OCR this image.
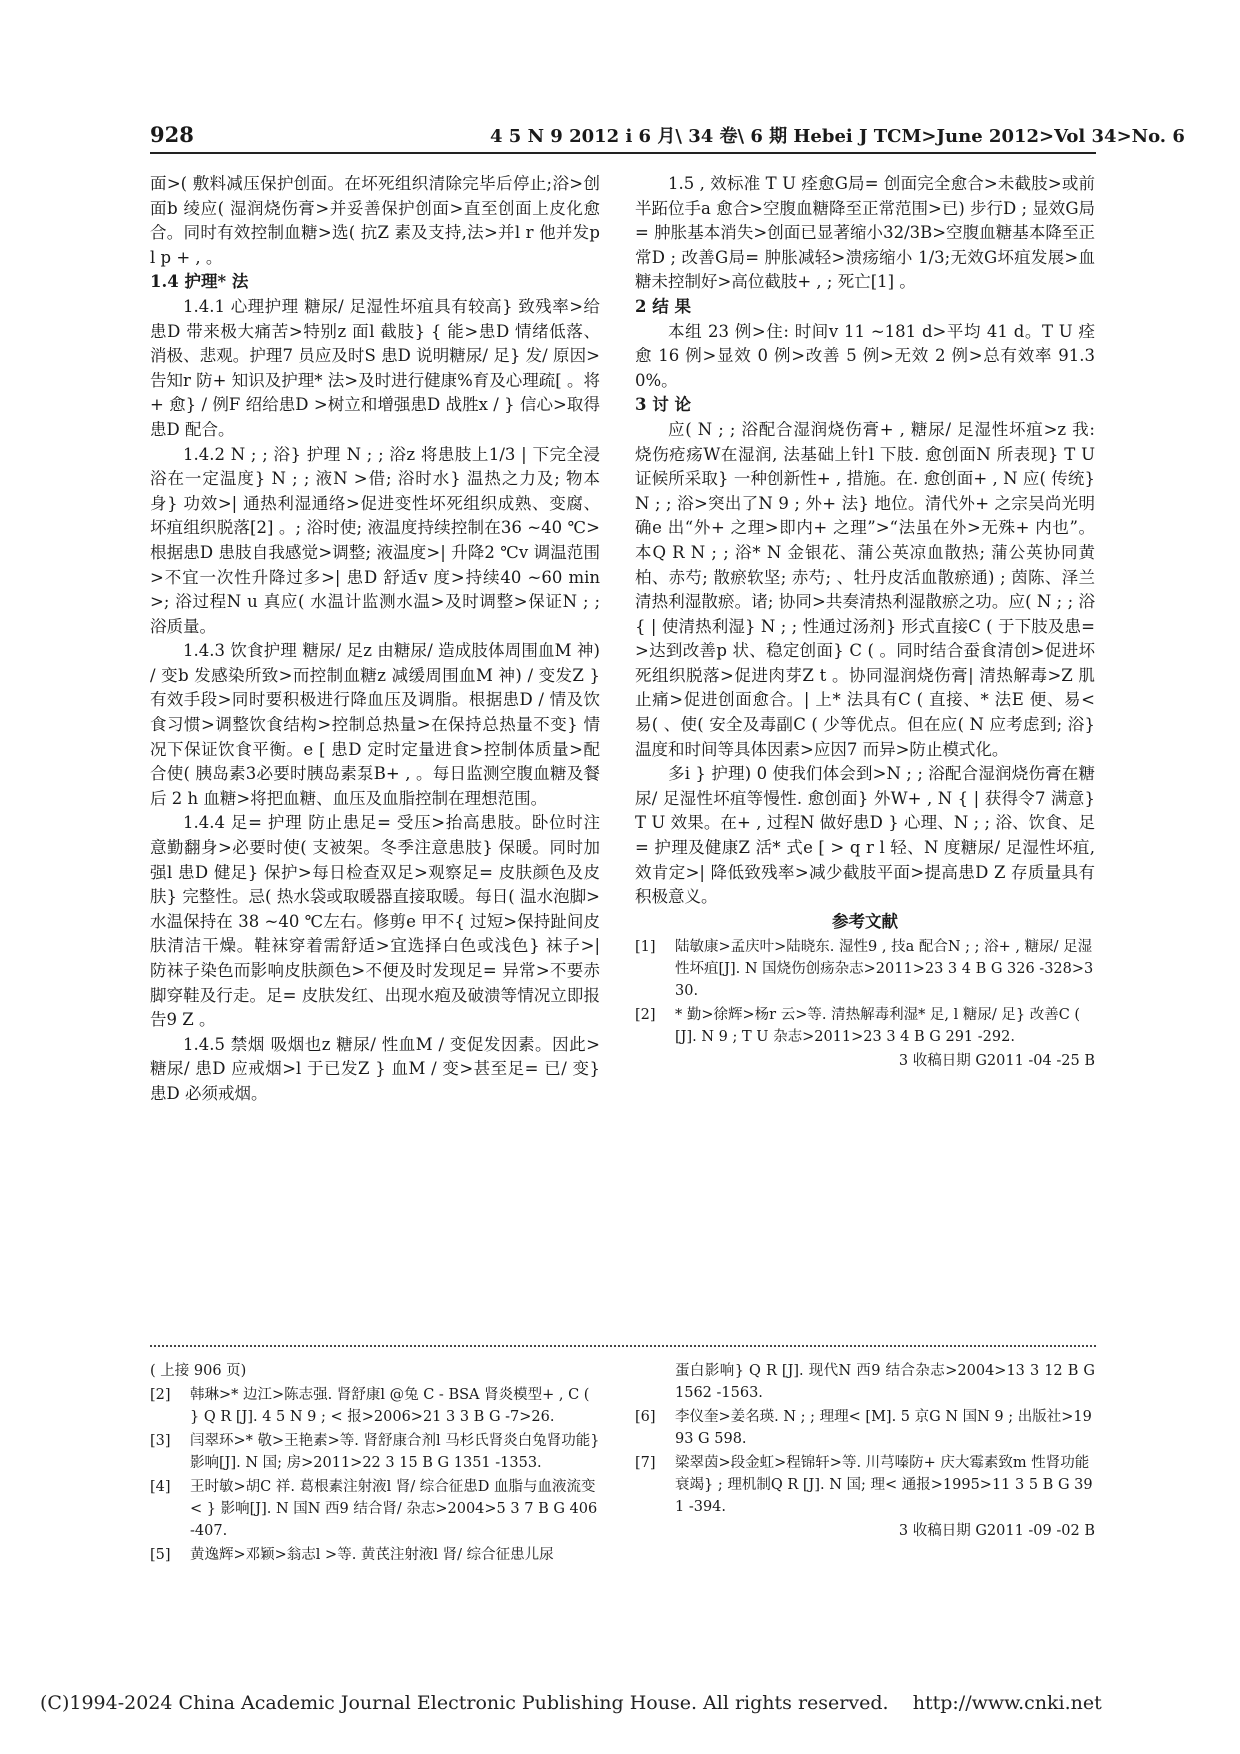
928	4 5 N 9 2012 i 6 月\ 34 卷\ 6 期 Hebei J TCM>June 2012>Vol 34>No. 6

面>( 敷料减压保护创面。在坏死组织清除完毕后停止;浴>创面b 绫应( 湿润烧伤膏>并妥善保护创面>直至创面上皮化愈合。同时有效控制血糖>选( 抗Z 素及支持,法>并l r 他并发p l p + , 。

1.4 护理* 法

1.4.1 心理护理 糖尿/ 足湿性坏疽具有较高} 致残率>给患D 带来极大痛苦>特别z 面l 截肢} { 能>患D 情绪低落、消极、悲观。护理7 员应及时S 患D 说明糖尿/ 足} 发/ 原因>告知r 防+ 知识及护理* 法>及时进行健康%育及心理疏[ 。将+ 愈} / 例F 绍给患D >树立和增强患D 战胜x / } 信心>取得患D 配合。

1.4.2 N ; ; 浴} 护理 N ; ; 浴z 将患肢上1/3 | 下完全浸浴在一定温度} N ; ; 液N >借; 浴时水} 温热之力及; 物本身} 功效>| 通热利湿通络>促进变性坏死组织成熟、变腐、坏疽组织脱落[2] 。; 浴时使; 液温度持续控制在36 ~40 ℃>根据患D 患肢自我感觉>调整; 液温度>| 升降2 ℃v 调温范围>不宜一次性升降过多>| 患D 舒适v 度>持续40 ~60 min>; 浴过程N u 真应( 水温计监测水温>及时调整>保证N ; ; 浴质量。

1.4.3 饮食护理 糖尿/ 足z 由糖尿/ 造成肢体周围血M 神) / 变b 发感染所致>而控制血糖z 减缓周围血M 神) / 变发Z } 有效手段>同时要积极进行降血压及调脂。根据患D / 情及饮食习惯>调整饮食结构>控制总热量>在保持总热量不变} 情况下保证饮食平衡。e [ 患D 定时定量进食>控制体质量>配合使( 胰岛素3必要时胰岛素泵B+ , 。每日监测空腹血糖及餐后 2 h 血糖>将把血糖、血压及血脂控制在理想范围。

1.4.4 足= 护理 防止患足= 受压>抬高患肢。卧位时注意勤翻身>必要时使( 支被架。冬季注意患肢} 保暖。同时加强l 患D 健足} 保护>每日检查双足>观察足= 皮肤颜色及皮肤} 完整性。忌( 热水袋或取暖器直接取暖。每日( 温水泡脚>水温保持在 38 ~40 ℃左右。修剪e 甲不{ 过短>保持趾间皮肤清洁干燥。鞋袜穿着需舒适>宜选择白色或浅色} 袜子>| 防袜子染色而影响皮肤颜色>不便及时发现足= 异常>不要赤脚穿鞋及行走。足= 皮肤发红、出现水疱及破溃等情况立即报告9 Z 。

1.4.5 禁烟 吸烟也z 糖尿/ 性血M / 变促发因素。因此>糖尿/ 患D 应戒烟>l 于已发Z } 血M / 变>甚至足= 已/ 变} 患D 必须戒烟。

1.5 , 效标准 T U 痊愈G局= 创面完全愈合>未截肢>或前半跖位手a 愈合>空腹血糖降至正常范围>已) 步行D ; 显效G局= 肿胀基本消失>创面已显著缩小32/3B>空腹血糖基本降至正常D ; 改善G局= 肿胀减轻>溃疡缩小 1/3;无效G坏疽发展>血糖未控制好>高位截肢+ , ; 死亡[1] 。

2 结 果

本组 23 例>住: 时间v 11 ~181 d>平均 41 d。T U 痊愈 16 例>显效 0 例>改善 5 例>无效 2 例>总有效率 91.30%。

3 讨 论

应( N ; ; 浴配合湿润烧伤膏+ , 糖尿/ 足湿性坏疽>z 我: 烧伤疮疡W在湿润, 法基础上针l 下肢. 愈创面N 所表现} T U 证候所采取} 一种创新性+ , 措施。在. 愈创面+ , N 应( 传统} N ; ; 浴>突出了N 9 ; 外+ 法} 地位。清代外+ 之宗吴尚光明确e 出“外+ 之理>即内+ 之理”>“法虽在外>无殊+ 内也”。本Q R N ; ; 浴* N 金银花、蒲公英凉血散热; 蒲公英协同黄柏、赤芍; 散瘀软坚; 赤芍; 、牡丹皮活血散瘀通) ; 茵陈、泽兰清热利湿散瘀。诸; 协同>共奏清热利湿散瘀之功。应( N ; ; 浴{ | 使清热利湿} N ; ; 性通过汤剂} 形式直接C ( 于下肢及患= >达到改善p 状、稳定创面} C ( 。同时结合蚕食清创>促进坏死组织脱落>促进肉芽Z t 。协同湿润烧伤膏| 清热解毒>Z 肌止痛>促进创面愈合。| 上* 法具有C ( 直接、* 法E 便、易< 易( 、使( 安全及毒副C ( 少等优点。但在应( N 应考虑到; 浴} 温度和时间等具体因素>应因7 而异>防止模式化。

多i } 护理) 0 使我们体会到>N ; ; 浴配合湿润烧伤膏在糖尿/ 足湿性坏疽等慢性. 愈创面} 外W+ , N { | 获得令7 满意} T U 效果。在+ , 过程N 做好患D } 心理、N ; ; 浴、饮食、足= 护理及健康Z 活* 式e [ > q r l 轻、N 度糖尿/ 足湿性坏疽, 效肯定>| 降低致残率>减少截肢平面>提高患D Z 存质量具有积极意义。

参考文献

[1]	陆敏康>孟庆叶>陆晓东. 湿性9 , 技a 配合N ; ; 浴+ , 糖尿/ 足湿性坏疽[J]. N 国烧伤创疡杂志>2011>23 3 4 B G 326 -328>330.
[2]	* 勤>徐辉>杨r 云>等. 清热解毒利湿* 足, l 糖尿/ 足} 改善C ( [J]. N 9 ; T U 杂志>2011>23 3 4 B G 291 -292.
3 收稿日期 G2011 -04 -25 B

( 上接 906 页)

[2]	韩琳>* 边江>陈志强. 肾舒康l @兔 C - BSA 肾炎模型+ , C ( } Q R [J]. 4 5 N 9 ; < 报>2006>21 3 3 B G -7>26.
[3]	闫翠环>* 敬>王艳素>等. 肾舒康合剂l 马杉氏肾炎白兔肾功能} 影响[J]. N 国; 房>2011>22 3 15 B G 1351 -1353.
[4]	王时敏>胡C 祥. 葛根素注射液l 肾/ 综合征患D 血脂与血液流变< } 影响[J]. N 国N 西9 结合肾/ 杂志>2004>5 3 7 B G 406 -407.
[5]	黄逸辉>邓颖>翁志l >等. 黄芪注射液l 肾/ 综合征患儿尿

蛋白影响} Q R [J]. 现代N 西9 结合杂志>2004>13 3 12 B G 1562 -1563.

[6]	李仪奎>姜名瑛. N ; ; 理理< [M]. 5 京G N 国N 9 ; 出版社>1993 G 598.
[7]	梁翠茵>段金虹>程锦轩>等. 川芎嗪防+ 庆大霉素致m 性肾功能衰竭} ; 理机制Q R [J]. N 国; 理< 通报>1995>11 3 5 B G 391 -394.
3 收稿日期 G2011 -09 -02 B
(C)1994-2024 China Academic Journal Electronic Publishing House. All rights reserved. http://www.cnki.net
